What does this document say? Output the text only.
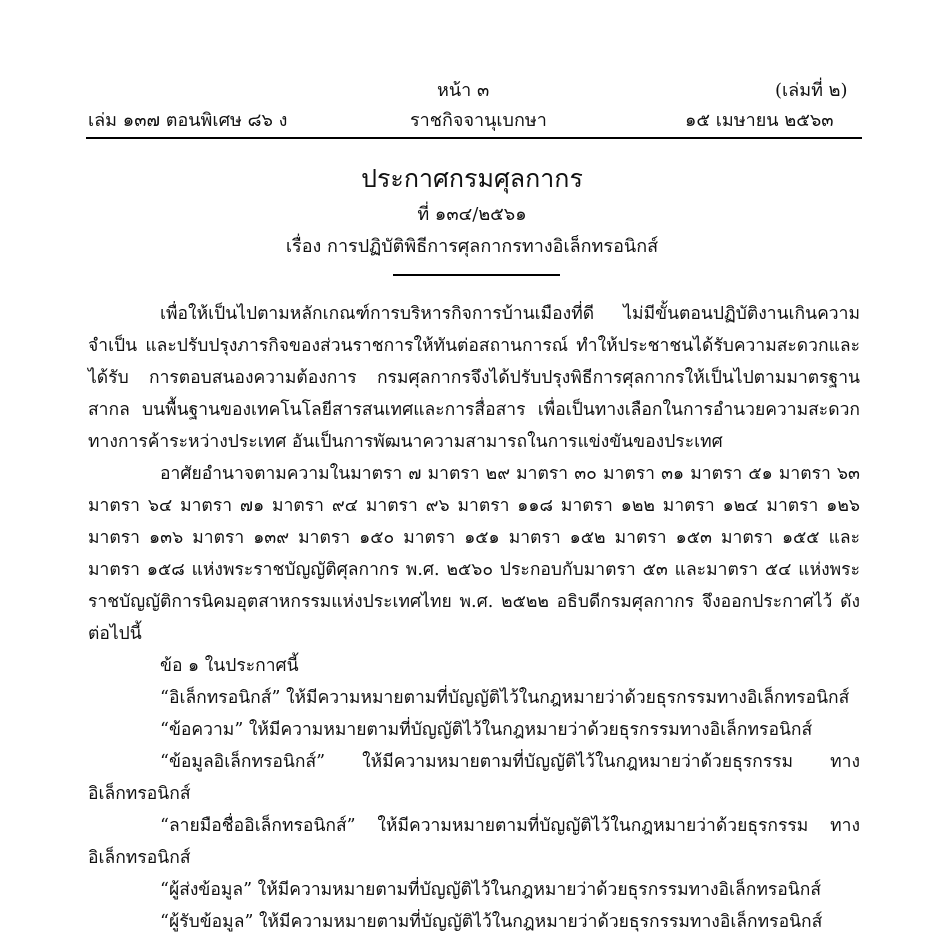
หน้า ๓	(เล่มที่ ๒)
เล่ม ๑๓๗ ตอนพิเศษ ๘๖ ง	ราชกิจจานุเบกษา	๑๕ เมษายน ๒๕๖๓
ประกาศกรมศุลกากร
ที่ ๑๓๔/๒๕๖๑
เรื่อง การปฏิบัติพิธีการศุลกากรทางอิเล็กทรอนิกส์

เพื่อให้เป็นไปตามหลักเกณฑ์การบริหารกิจการบ้านเมืองที่ดี ไม่มีขั้นตอนปฏิบัติงานเกินความจำเป็น และปรับปรุงภารกิจของส่วนราชการให้ทันต่อสถานการณ์ ทำให้ประชาชนได้รับความสะดวกและได้รับ การตอบสนองความต้องการ กรมศุลกากรจึงได้ปรับปรุงพิธีการศุลกากรให้เป็นไปตามมาตรฐานสากล บนพื้นฐานของเทคโนโลยีสารสนเทศและการสื่อสาร เพื่อเป็นทางเลือกในการอำนวยความสะดวก ทางการค้าระหว่างประเทศ อันเป็นการพัฒนาความสามารถในการแข่งขันของประเทศ

อาศัยอำนาจตามความในมาตรา ๗ มาตรา ๒๙ มาตรา ๓๐ มาตรา ๓๑ มาตรา ๕๑ มาตรา ๖๓ มาตรา ๖๔ มาตรา ๗๑ มาตรา ๙๔ มาตรา ๙๖ มาตรา ๑๑๘ มาตรา ๑๒๒ มาตรา ๑๒๔ มาตรา ๑๒๖ มาตรา ๑๓๖ มาตรา ๑๓๙ มาตรา ๑๕๐ มาตรา ๑๕๑ มาตรา ๑๕๒ มาตรา ๑๕๓ มาตรา ๑๕๕ และมาตรา ๑๕๘ แห่งพระราชบัญญัติศุลกากร พ.ศ. ๒๕๖๐ ประกอบกับมาตรา ๕๓ และมาตรา ๕๔ แห่งพระราชบัญญัติการนิคมอุตสาหกรรมแห่งประเทศไทย พ.ศ. ๒๕๒๒ อธิบดีกรมศุลกากร จึงออกประกาศไว้ ดังต่อไปนี้

ข้อ ๑ ในประกาศนี้

“อิเล็กทรอนิกส์” ให้มีความหมายตามที่บัญญัติไว้ในกฎหมายว่าด้วยธุรกรรมทางอิเล็กทรอนิกส์

“ข้อความ” ให้มีความหมายตามที่บัญญัติไว้ในกฎหมายว่าด้วยธุรกรรมทางอิเล็กทรอนิกส์

“ข้อมูลอิเล็กทรอนิกส์” ให้มีความหมายตามที่บัญญัติไว้ในกฎหมายว่าด้วยธุรกรรม ทางอิเล็กทรอนิกส์

“ลายมือชื่ออิเล็กทรอนิกส์” ให้มีความหมายตามที่บัญญัติไว้ในกฎหมายว่าด้วยธุรกรรม ทางอิเล็กทรอนิกส์

“ผู้ส่งข้อมูล” ให้มีความหมายตามที่บัญญัติไว้ในกฎหมายว่าด้วยธุรกรรมทางอิเล็กทรอนิกส์

“ผู้รับข้อมูล” ให้มีความหมายตามที่บัญญัติไว้ในกฎหมายว่าด้วยธุรกรรมทางอิเล็กทรอนิกส์
